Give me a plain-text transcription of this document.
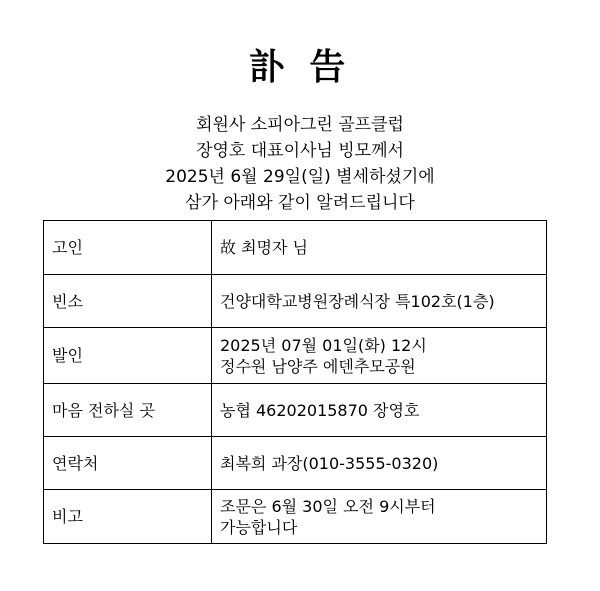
訃 告
회원사 소피아그린 골프클럽
장영호 대표이사님 빙모께서
2025년 6월 29일(일) 별세하셨기에
삼가 아래와 같이 알려드립니다
고인	故 최명자 님
빈소	건양대학교병원장례식장 특102호(1층)
발인	2025년 07월 01일(화) 12시
정수원 남양주 에덴추모공원

마음 전하실 곳	농협 46202015870 장영호
연락처	최복희 과장(010-3555-0320)
비고	조문은 6월 30일 오전 9시부터
가능합니다
